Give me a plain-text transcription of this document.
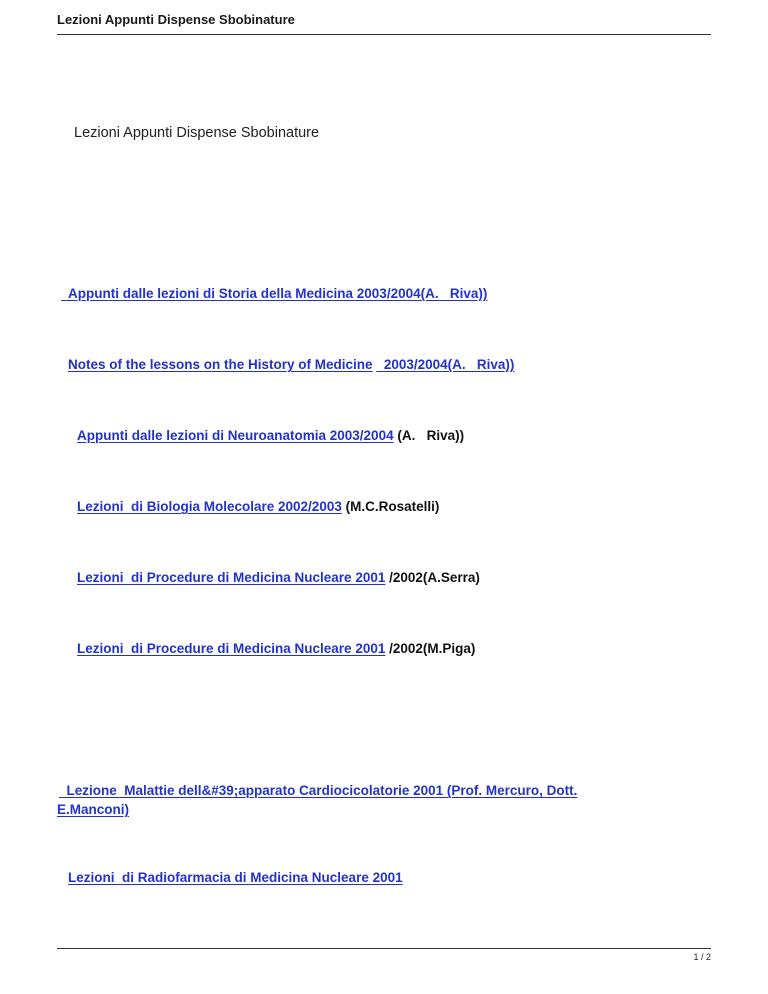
Lezioni Appunti Dispense Sbobinature
Lezioni Appunti Dispense Sbobinature
Appunti dalle lezioni di Storia della Medicina 2003/2004(A.   Riva))
Notes of the lessons on the History of Medicine   2003/2004(A.   Riva))
Appunti dalle lezioni di Neuroanatomia 2003/2004 (A.   Riva))
Lezioni  di Biologia Molecolare 2002/2003 (M.C.Rosatelli)
Lezioni  di Procedure di Medicina Nucleare 2001 /2002(A.Serra)
Lezioni  di Procedure di Medicina Nucleare 2001 /2002(M.Piga)
Lezione  Malattie dell&#39;apparato Cardiocicolatorie 2001 (Prof. Mercuro, Dott.
E.Manconi)
Lezioni  di Radiofarmacia di Medicina Nucleare 2001
1 / 2
